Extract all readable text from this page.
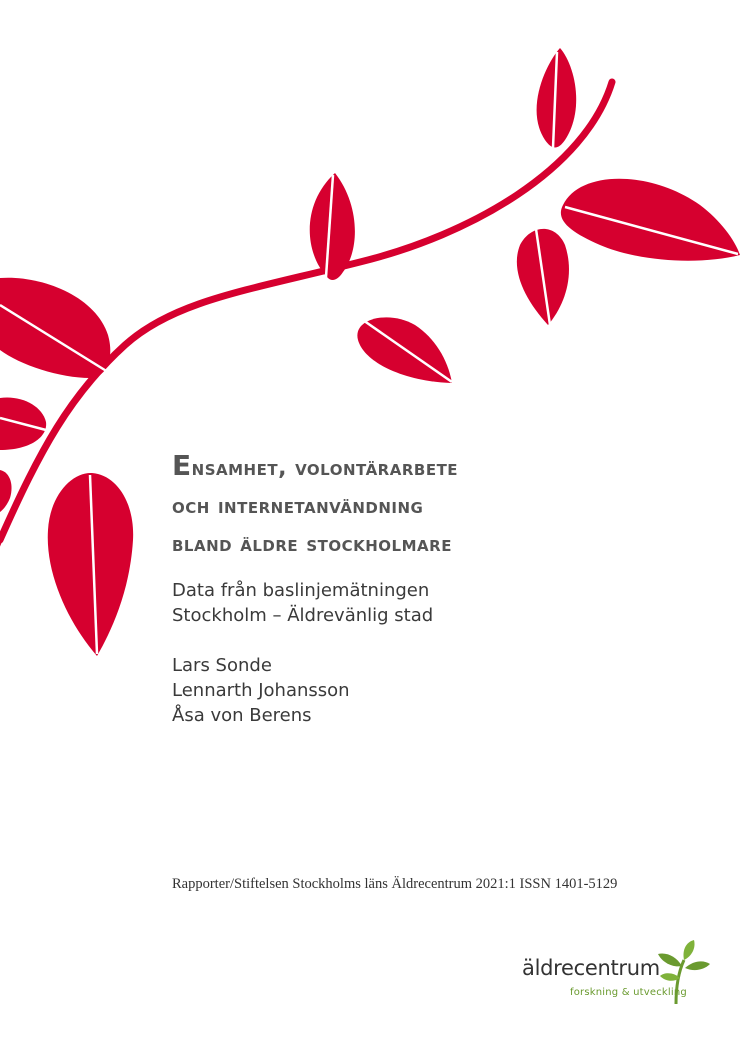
Ensamhet, volontärarbete
och internetanvändning
bland äldre stockholmare
Data från baslinjemätningen
Stockholm – Äldrevänlig stad
Lars Sonde
Lennarth Johansson
Åsa von Berens
Rapporter/Stiftelsen Stockholms läns Äldrecentrum 2021:1 ISSN 1401-5129
äldrecentrum
forskning & utveckling
